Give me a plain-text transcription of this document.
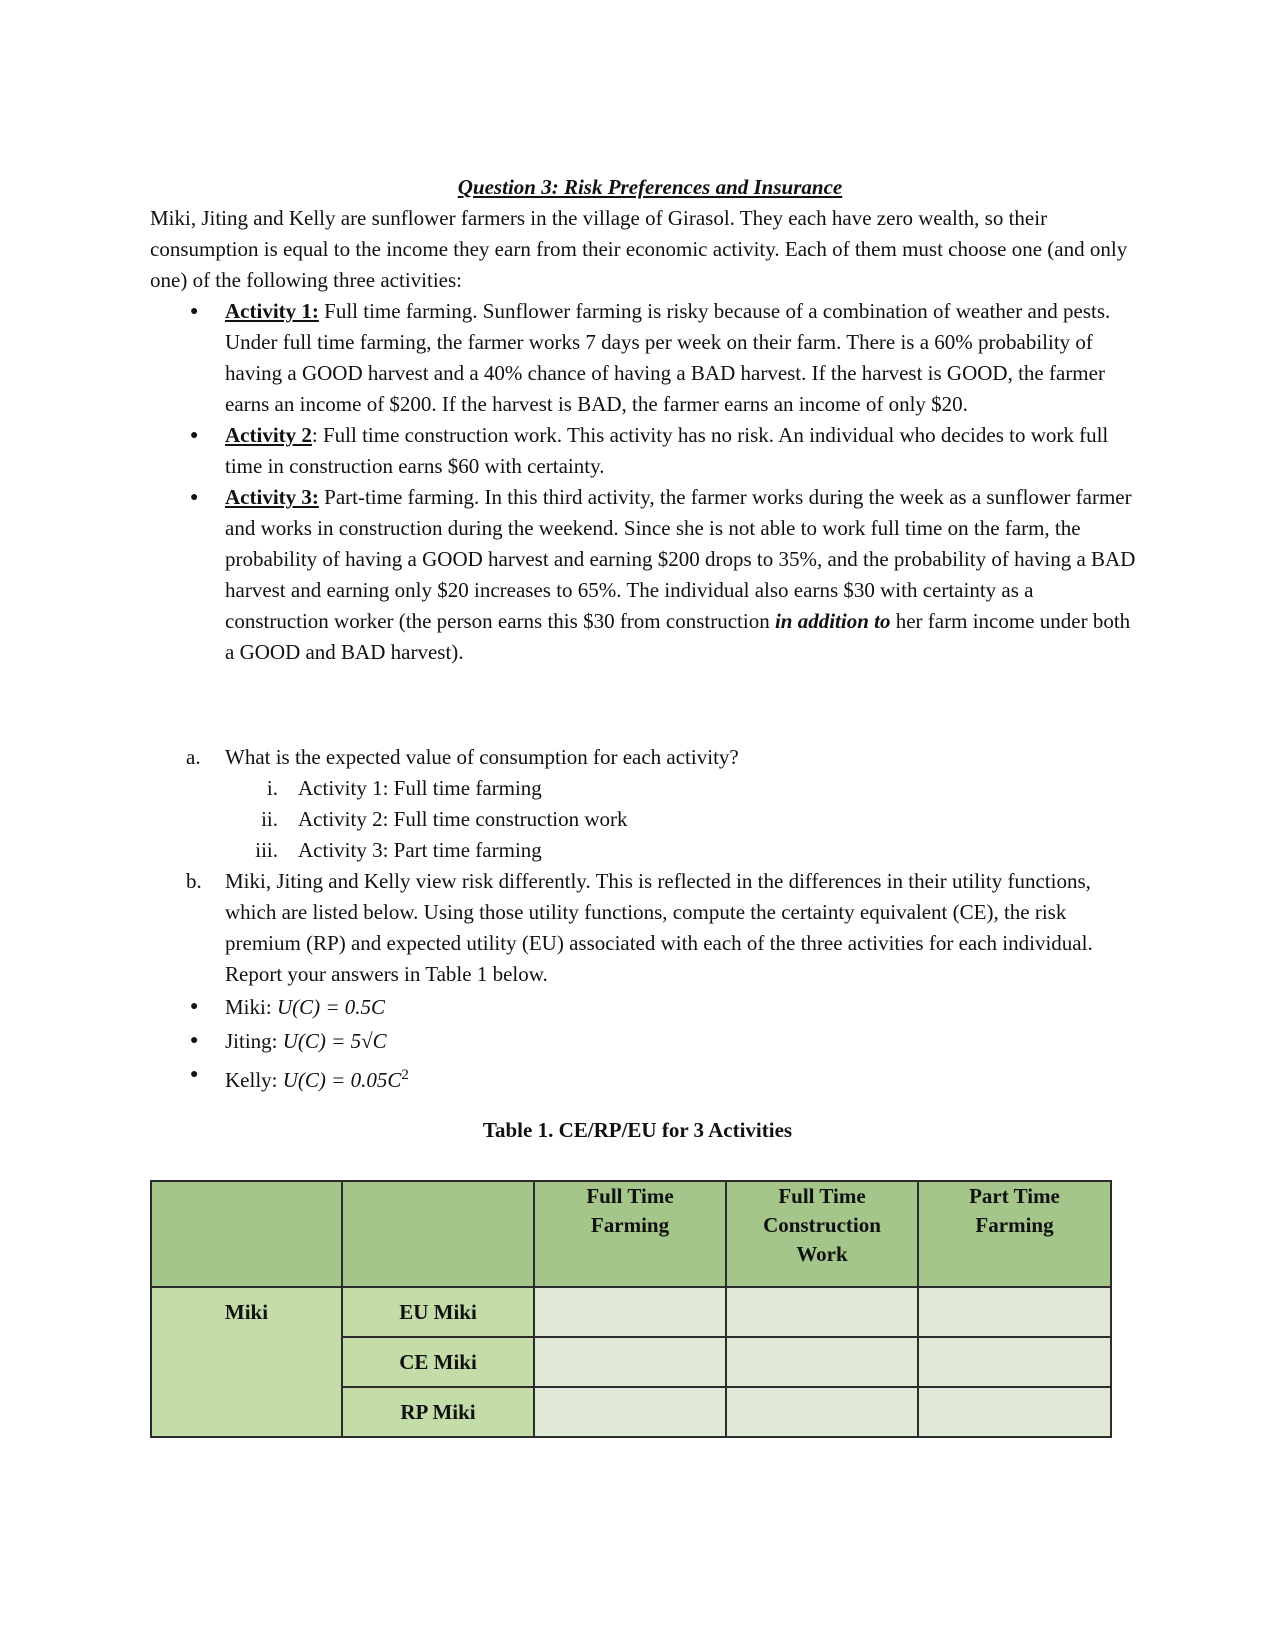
Question 3: Risk Preferences and Insurance
Miki, Jiting and Kelly are sunflower farmers in the village of Girasol. They each have zero wealth, so their consumption is equal to the income they earn from their economic activity. Each of them must choose one (and only one) of the following three activities:
● Activity 1: Full time farming. Sunflower farming is risky because of a combination of weather and pests. Under full time farming, the farmer works 7 days per week on their farm. There is a 60% probability of having a GOOD harvest and a 40% chance of having a BAD harvest. If the harvest is GOOD, the farmer earns an income of $200. If the harvest is BAD, the farmer earns an income of only $20.
● Activity 2: Full time construction work. This activity has no risk. An individual who decides to work full time in construction earns $60 with certainty.
● Activity 3: Part-time farming. In this third activity, the farmer works during the week as a sunflower farmer and works in construction during the weekend. Since she is not able to work full time on the farm, the probability of having a GOOD harvest and earning $200 drops to 35%, and the probability of having a BAD harvest and earning only $20 increases to 65%. The individual also earns $30 with certainty as a construction worker (the person earns this $30 from construction in addition to her farm income under both a GOOD and BAD harvest).
a. What is the expected value of consumption for each activity?
i. Activity 1: Full time farming
ii. Activity 2: Full time construction work
iii. Activity 3: Part time farming
b. Miki, Jiting and Kelly view risk differently. This is reflected in the differences in their utility functions, which are listed below. Using those utility functions, compute the certainty equivalent (CE), the risk premium (RP) and expected utility (EU) associated with each of the three activities for each individual. Report your answers in Table 1 below.
● Miki: U(C) = 0.5C
● Jiting: U(C) = 5√C
● Kelly: $U(C) = 0.05C^2$
Table 1. CE/RP/EU for 3 Activities
		Full Time Farming	Full Time Construction Work	Part Time Farming

Miki	EU Miki			
	CE Miki			
	RP Miki			
